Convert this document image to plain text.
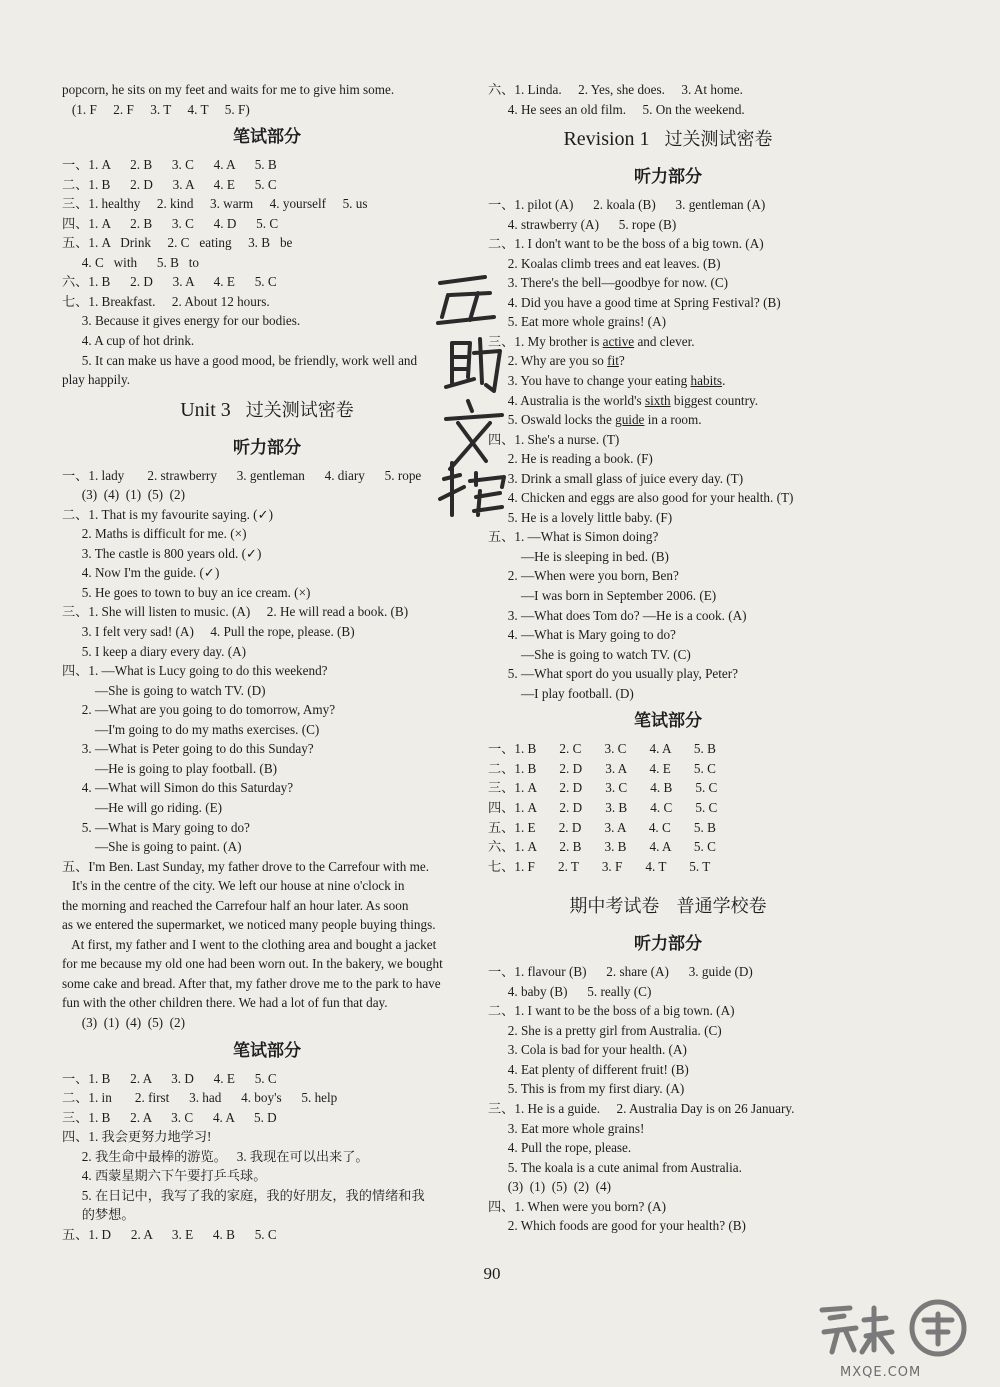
popcorn, he sits on my feet and waits for me to give him some.
(1. F     2. F     3. T     4. T     5. F)
笔试部分
一、1. A      2. B      3. C      4. A      5. B
二、1. B      2. D      3. A      4. E      5. C
三、1. healthy     2. kind     3. warm     4. yourself     5. us
四、1. A      2. B      3. C      4. D      5. C
五、1. A   Drink     2. C   eating     3. B   be
4. C   with      5. B   to
六、1. B      2. D      3. A      4. E      5. C
七、1. Breakfast.     2. About 12 hours.
3. Because it gives energy for our bodies.
4. A cup of hot drink.
5. It can make us have a good mood, be friendly, work well and
play happily.
Unit 3   过关测试密卷
听力部分
一、1. lady       2. strawberry      3. gentleman      4. diary      5. rope
(3)  (4)  (1)  (5)  (2)
二、1. That is my favourite saying. (✓)
2. Maths is difficult for me. (×)
3. The castle is 800 years old. (✓)
4. Now I'm the guide. (✓)
5. He goes to town to buy an ice cream. (×)
三、1. She will listen to music. (A)     2. He will read a book. (B)
3. I felt very sad! (A)     4. Pull the rope, please. (B)
5. I keep a diary every day. (A)
四、1. —What is Lucy going to do this weekend?
—She is going to watch TV. (D)
2. —What are you going to do tomorrow, Amy?
—I'm going to do my maths exercises. (C)
3. —What is Peter going to do this Sunday?
—He is going to play football. (B)
4. —What will Simon do this Saturday?
—He will go riding. (E)
5. —What is Mary going to do?
—She is going to paint. (A)
五、I'm Ben. Last Sunday, my father drove to the Carrefour with me.
It's in the centre of the city. We left our house at nine o'clock in
the morning and reached the Carrefour half an hour later. As soon
as we entered the supermarket, we noticed many people buying things.
At first, my father and I went to the clothing area and bought a jacket
for me because my old one had been worn out. In the bakery, we bought
some cake and bread. After that, my father drove me to the park to have
fun with the other children there. We had a lot of fun that day.
(3)  (1)  (4)  (5)  (2)
笔试部分
一、1. B      2. A      3. D      4. E      5. C
二、1. in       2. first      3. had      4. boy's      5. help
三、1. B      2. A      3. C      4. A      5. D
四、1. 我会更努力地学习!
2. 我生命中最棒的游览。   3. 我现在可以出来了。
4. 西蒙星期六下午要打乒乓球。
5. 在日记中，我写了我的家庭，我的好朋友，我的情绪和我
的梦想。
五、1. D      2. A      3. E      4. B      5. C
六、1. Linda.     2. Yes, she does.     3. At home.
4. He sees an old film.     5. On the weekend.
Revision 1   过关测试密卷
听力部分
一、1. pilot (A)      2. koala (B)      3. gentleman (A)
4. strawberry (A)      5. rope (B)
二、1. I don't want to be the boss of a big town. (A)
2. Koalas climb trees and eat leaves. (B)
3. There's the bell—goodbye for now. (C)
4. Did you have a good time at Spring Festival? (B)
5. Eat more whole grains! (A)
三、1. My brother is active and clever.
2. Why are you so fit?
3. You have to change your eating habits.
4. Australia is the world's sixth biggest country.
5. Oswald locks the guide in a room.
四、1. She's a nurse. (T)
2. He is reading a book. (F)
3. Drink a small glass of juice every day. (T)
4. Chicken and eggs are also good for your health. (T)
5. He is a lovely little baby. (F)
五、1. —What is Simon doing?
—He is sleeping in bed. (B)
2. —When were you born, Ben?
—I was born in September 2006. (E)
3. —What does Tom do? —He is a cook. (A)
4. —What is Mary going to do?
—She is going to watch TV. (C)
5. —What sport do you usually play, Peter?
—I play football. (D)
笔试部分
一、1. B       2. C       3. C       4. A       5. B
二、1. B       2. D       3. A       4. E       5. C
三、1. A       2. D       3. C       4. B       5. C
四、1. A       2. D       3. B       4. C       5. C
五、1. E       2. D       3. A       4. C       5. B
六、1. A       2. B       3. B       4. A       5. C
七、1. F       2. T       3. F       4. T       5. T
期中考试卷   普通学校卷
听力部分
一、1. flavour (B)      2. share (A)      3. guide (D)
4. baby (B)      5. really (C)
二、1. I want to be the boss of a big town. (A)
2. She is a pretty girl from Australia. (C)
3. Cola is bad for your health. (A)
4. Eat plenty of different fruit! (B)
5. This is from my first diary. (A)
三、1. He is a guide.     2. Australia Day is on 26 January.
3. Eat more whole grains!
4. Pull the rope, please.
5. The koala is a cute animal from Australia.
(3)  (1)  (5)  (2)  (4)
四、1. When were you born? (A)
2. Which foods are good for your health? (B)
90
MXQE.COM
